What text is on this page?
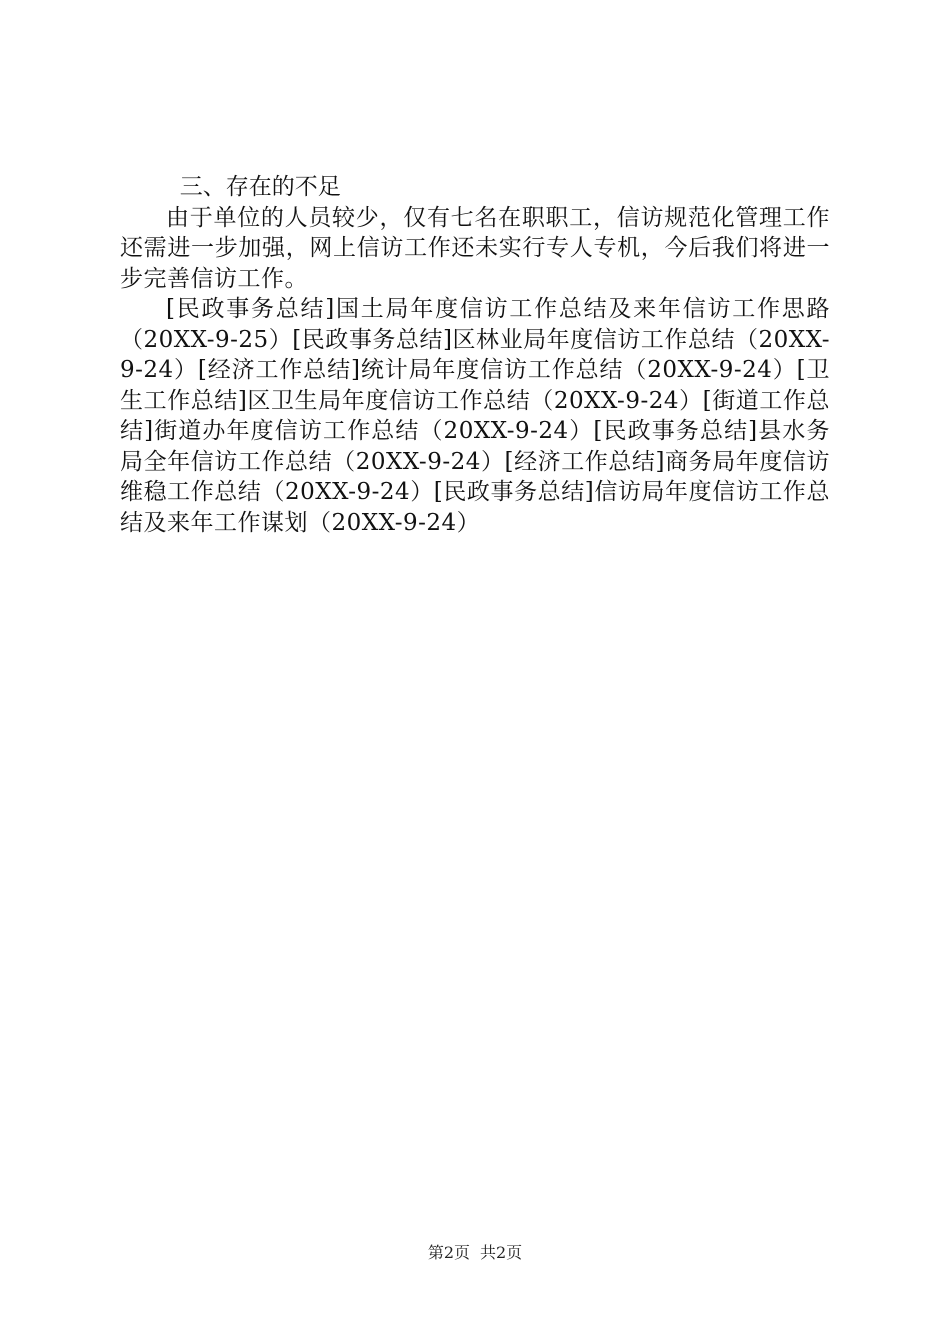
三、存在的不足

由于单位的人员较少，仅有七名在职职工，信访规范化管理工作还需进一步加强，网上信访工作还未实行专人专机，今后我们将进一步完善信访工作。

[民政事务总结]国土局年度信访工作总结及来年信访工作思路（20XX-9-25）[民政事务总结]区林业局年度信访工作总结（20XX-9-24）[经济工作总结]统计局年度信访工作总结（20XX-9-24）[卫生工作总结]区卫生局年度信访工作总结（20XX-9-24）[街道工作总结]街道办年度信访工作总结（20XX-9-24）[民政事务总结]县水务局全年信访工作总结（20XX-9-24）[经济工作总结]商务局年度信访维稳工作总结（20XX-9-24）[民政事务总结]信访局年度信访工作总结及来年工作谋划（20XX-9-24）

第2页 共2页
